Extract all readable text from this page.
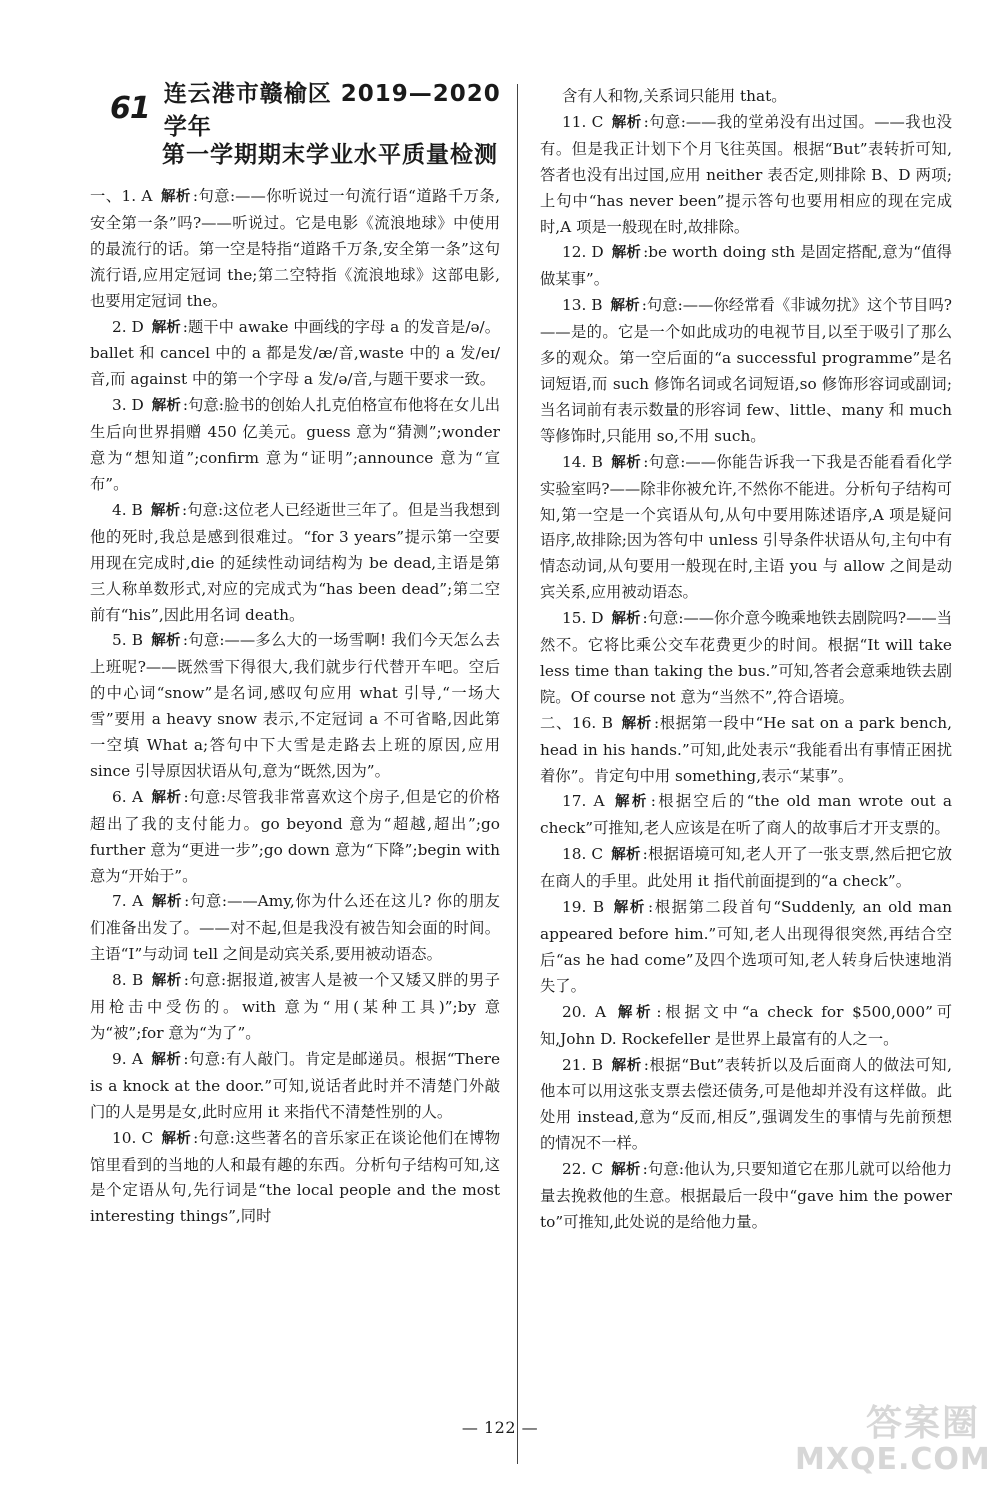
61 连云港市赣榆区 2019—2020 学年
第一学期期末学业水平质量检测
一、1. A 解析 :句意:——你听说过一句流行语“道路千万条,安全第一条”吗?——听说过。它是电影《流浪地球》中使用的最流行的话。第一空是特指“道路千万条,安全第一条”这句流行语,应用定冠词 the;第二空特指《流浪地球》这部电影,也要用定冠词 the。
2. D 解析 :题干中 awake 中画线的字母 a 的发音是/ə/。ballet 和 cancel 中的 a 都是发/æ/音,waste 中的 a 发/eɪ/音,而 against 中的第一个字母 a 发/ə/音,与题干要求一致。
3. D 解析 :句意:脸书的创始人扎克伯格宣布他将在女儿出生后向世界捐赠 450 亿美元。guess 意为“猜测”;wonder 意为“想知道”;confirm 意为“证明”;announce 意为“宣布”。
4. B 解析 :句意:这位老人已经逝世三年了。但是当我想到他的死时,我总是感到很难过。“for 3 years”提示第一空要用现在完成时,die 的延续性动词结构为 be dead,主语是第三人称单数形式,对应的完成式为“has been dead”;第二空前有“his”,因此用名词 death。
5. B 解析 :句意:——多么大的一场雪啊! 我们今天怎么去上班呢?——既然雪下得很大,我们就步行代替开车吧。空后的中心词“snow”是名词,感叹句应用 what 引导,“一场大雪”要用 a heavy snow 表示,不定冠词 a 不可省略,因此第一空填 What a;答句中下大雪是走路去上班的原因,应用 since 引导原因状语从句,意为“既然,因为”。
6. A 解析 :句意:尽管我非常喜欢这个房子,但是它的价格超出了我的支付能力。go beyond 意为“超越,超出”;go further 意为“更进一步”;go down 意为“下降”;begin with 意为“开始于”。
7. A 解析 :句意:——Amy,你为什么还在这儿? 你的朋友们准备出发了。——对不起,但是我没有被告知会面的时间。主语“I”与动词 tell 之间是动宾关系,要用被动语态。
8. B 解析 :句意:据报道,被害人是被一个又矮又胖的男子用枪击中受伤的。with 意为“用(某种工具)”;by 意为“被”;for 意为“为了”。
9. A 解析 :句意:有人敲门。肯定是邮递员。根据“There is a knock at the door.”可知,说话者此时并不清楚门外敲门的人是男是女,此时应用 it 来指代不清楚性别的人。
10. C 解析 :句意:这些著名的音乐家正在谈论他们在博物馆里看到的当地的人和最有趣的东西。分析句子结构可知,这是个定语从句,先行词是“the local people and the most interesting things”,同时
含有人和物,关系词只能用 that。
11. C 解析 :句意:——我的堂弟没有出过国。——我也没有。但是我正计划下个月飞往英国。根据“But”表转折可知,答者也没有出过国,应用 neither 表否定,则排除 B、D 两项;上句中“has never been”提示答句也要用相应的现在完成时,A 项是一般现在时,故排除。
12. D 解析 :be worth doing sth 是固定搭配,意为“值得做某事”。
13. B 解析 :句意:——你经常看《非诚勿扰》这个节目吗?——是的。它是一个如此成功的电视节目,以至于吸引了那么多的观众。第一空后面的“a successful programme”是名词短语,而 such 修饰名词或名词短语,so 修饰形容词或副词;当名词前有表示数量的形容词 few、little、many 和 much 等修饰时,只能用 so,不用 such。
14. B 解析 :句意:——你能告诉我一下我是否能看看化学实验室吗?——除非你被允许,不然你不能进。分析句子结构可知,第一空是一个宾语从句,从句中要用陈述语序,A 项是疑问语序,故排除;因为答句中 unless 引导条件状语从句,主句中有情态动词,从句要用一般现在时,主语 you 与 allow 之间是动宾关系,应用被动语态。
15. D 解析 :句意:——你介意今晚乘地铁去剧院吗?——当然不。它将比乘公交车花费更少的时间。根据“It will take less time than taking the bus.”可知,答者会意乘地铁去剧院。Of course not 意为“当然不”,符合语境。
二、16. B 解析 :根据第一段中“He sat on a park bench, head in his hands.”可知,此处表示“我能看出有事情正困扰着你”。肯定句中用 something,表示“某事”。
17. A 解析 :根据空后的“the old man wrote out a check”可推知,老人应该是在听了商人的故事后才开支票的。
18. C 解析 :根据语境可知,老人开了一张支票,然后把它放在商人的手里。此处用 it 指代前面提到的“a check”。
19. B 解析 :根据第二段首句“Suddenly, an old man appeared before him.”可知,老人出现得很突然,再结合空后“as he had come”及四个选项可知,老人转身后快速地消失了。
20. A 解析 :根据文中“a check for $500,000”可知,John D. Rockefeller 是世界上最富有的人之一。
21. B 解析 :根据“But”表转折以及后面商人的做法可知,他本可以用这张支票去偿还债务,可是他却并没有这样做。此处用 instead,意为“反而,相反”,强调发生的事情与先前预想的情况不一样。
22. C 解析 :句意:他认为,只要知道它在那儿就可以给他力量去挽救他的生意。根据最后一段中“gave him the power to”可推知,此处说的是给他力量。
— 122 —	答案圈
MXQE.COM
